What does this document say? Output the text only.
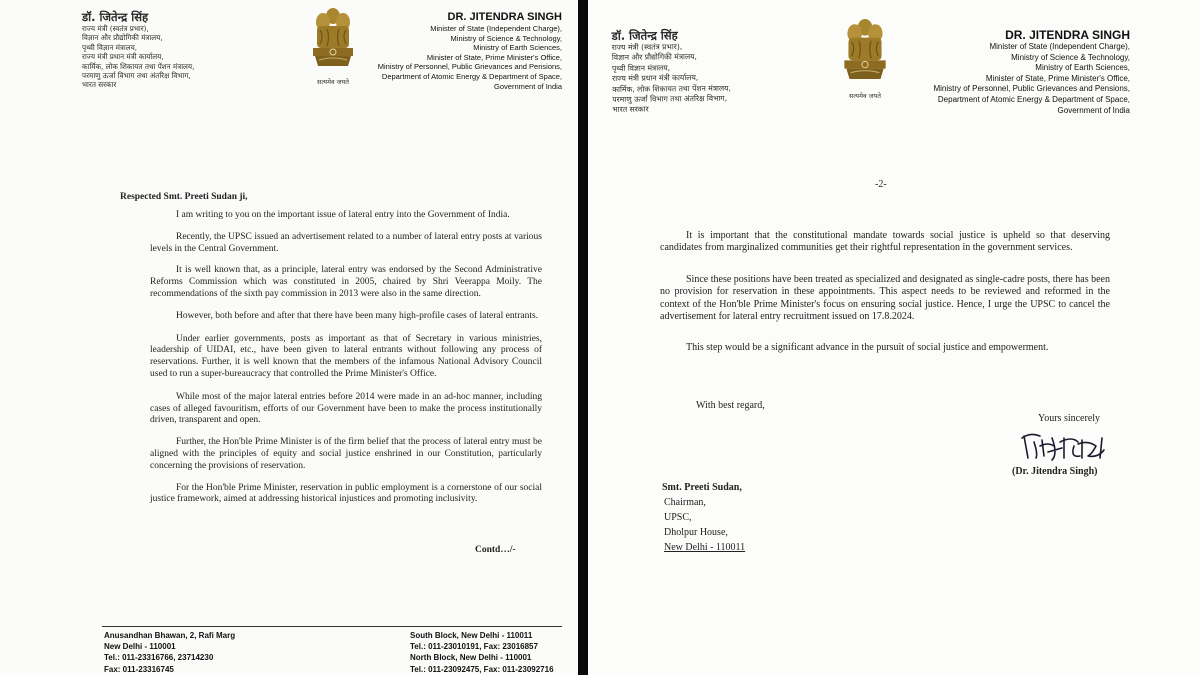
डॉ. जितेन्द्र सिंह
राज्य मंत्री (स्वतंत्र प्रभार),
विज्ञान और प्रौद्योगिकी मंत्रालय,
पृथ्वी विज्ञान मंत्रालय,
राज्य मंत्री प्रधान मंत्री कार्यालय,
कार्मिक, लोक शिकायत तथा पेंशन मंत्रालय,
परमाणु ऊर्जा विभाग तथा अंतरिक्ष विभाग,
भारत सरकार	सत्यमेव जयते
DR. JITENDRA SINGH
Minister of State (Independent Charge),
Ministry of Science & Technology,
Ministry of Earth Sciences,
Minister of State, Prime Minister's Office,
Ministry of Personnel, Public Grievances and Pensions,
Department of Atomic Energy & Department of Space,
Government of India
Respected Smt. Preeti Sudan ji,

I am writing to you on the important issue of lateral entry into the Government of India.

Recently, the UPSC issued an advertisement related to a number of lateral entry posts at various levels in the Central Government.

It is well known that, as a principle, lateral entry was endorsed by the Second Administrative Reforms Commission which was constituted in 2005, chaired by Shri Veerappa Moily. The recommendations of the sixth pay commission in 2013 were also in the same direction.

However, both before and after that there have been many high-profile cases of lateral entrants.

Under earlier governments, posts as important as that of Secretary in various ministries, leadership of UIDAI, etc., have been given to lateral entrants without following any process of reservations. Further, it is well known that the members of the infamous National Advisory Council used to run a super-bureaucracy that controlled the Prime Minister's Office.

While most of the major lateral entries before 2014 were made in an ad-hoc manner, including cases of alleged favouritism, efforts of our Government have been to make the process institutionally driven, transparent and open.

Further, the Hon'ble Prime Minister is of the firm belief that the process of lateral entry must be aligned with the principles of equity and social justice enshrined in our Constitution, particularly concerning the provisions of reservation.

For the Hon'ble Prime Minister, reservation in public employment is a cornerstone of our social justice framework, aimed at addressing historical injustices and promoting inclusivity.

Contd…/-
Anusandhan Bhawan, 2, Rafi Marg
New Delhi - 110001
Tel.: 011-23316766, 23714230
Fax: 011-23316745
South Block, New Delhi - 110011
Tel.: 011-23010191, Fax: 23016857
North Block, New Delhi - 110001
Tel.: 011-23092475, Fax: 011-23092716
डॉ. जितेन्द्र सिंह
राज्य मंत्री (स्वतंत्र प्रभार),
विज्ञान और प्रौद्योगिकी मंत्रालय,
पृथ्वी विज्ञान मंत्रालय,
राज्य मंत्री प्रधान मंत्री कार्यालय,
कार्मिक, लोक शिकायत तथा पेंशन मंत्रालय,
परमाणु ऊर्जा विभाग तथा अंतरिक्ष विभाग,
भारत सरकार
सत्यमेव जयते
DR. JITENDRA SINGH
Minister of State (Independent Charge),
Ministry of Science & Technology,
Ministry of Earth Sciences,
Minister of State, Prime Minister's Office,
Ministry of Personnel, Public Grievances and Pensions,
Department of Atomic Energy & Department of Space,
Government of India
-2-

It is important that the constitutional mandate towards social justice is upheld so that deserving candidates from marginalized communities get their rightful representation in the government services.

Since these positions have been treated as specialized and designated as single-cadre posts, there has been no provision for reservation in these appointments. This aspect needs to be reviewed and reformed in the context of the Hon'ble Prime Minister's focus on ensuring social justice. Hence, I urge the UPSC to cancel the advertisement for lateral entry recruitment issued on 17.8.2024.

This step would be a significant advance in the pursuit of social justice and empowerment.

With best regard,
Yours sincerely
(Dr. Jitendra Singh)
Smt. Preeti Sudan,
Chairman,
UPSC,
Dholpur House,
New Delhi - 110011
